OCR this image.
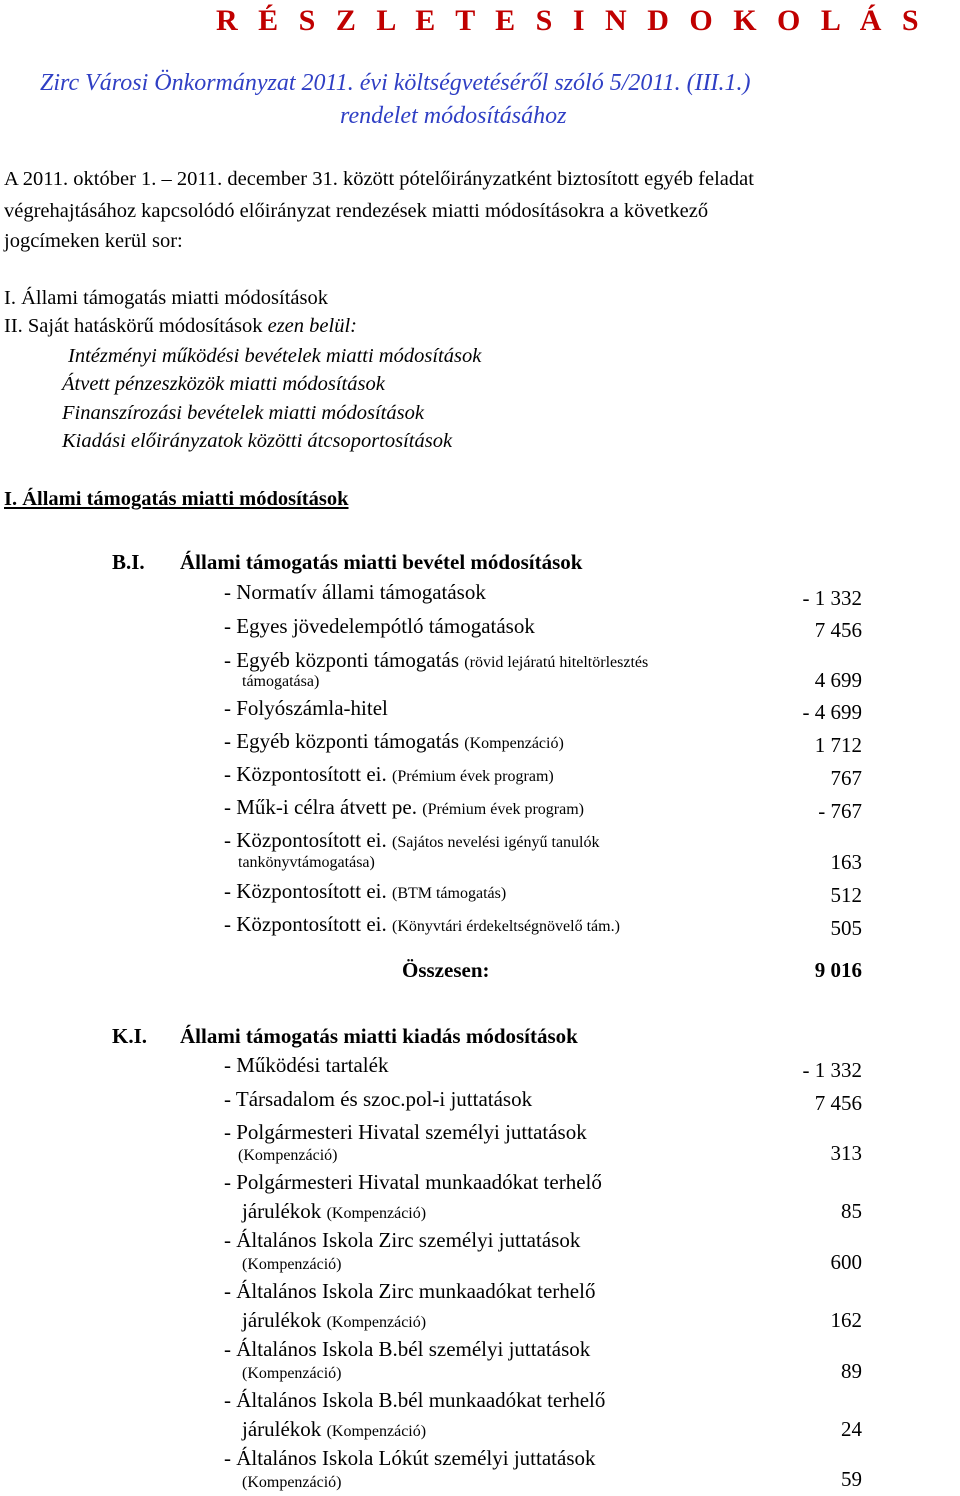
R É S Z L E T E S I N D O K O L Á S
Zirc Városi Önkormányzat 2011. évi költségvetéséről szóló 5/2011. (III.1.)
rendelet módosításához
A 2011. október 1. – 2011. december 31. között pótelőirányzatként biztosított egyéb feladat
végrehajtásához kapcsolódó előirányzat rendezések miatti módosításokra a következő
jogcímeken kerül sor:
I. Állami támogatás miatti módosítások
II. Saját hatáskörű módosítások ezen belül:
Intézményi működési bevételek miatti módosítások
Átvett pénzeszközök miatti módosítások
Finanszírozási bevételek miatti módosítások
Kiadási előirányzatok közötti átcsoportosítások
I. Állami támogatás miatti módosítások
B.I. Állami támogatás miatti bevétel módosítások
- Normatív állami támogatások	- 1 332
- Egyes jövedelempótló támogatások	7 456
- Egyéb központi támogatás (rövid lejáratú hiteltörlesztés
támogatása)	4 699
- Folyószámla-hitel	- 4 699
- Egyéb központi támogatás (Kompenzáció)	1 712
- Központosított ei. (Prémium évek program)	767
- Műk-i célra átvett pe. (Prémium évek program)	- 767
- Központosított ei. (Sajátos nevelési igényű tanulók
tankönyvtámogatása)	163
- Központosított ei. (BTM támogatás)	512
- Központosított ei. (Könyvtári érdekeltségnövelő tám.)	505
Összesen:	9 016
K.I. Állami támogatás miatti kiadás módosítások
- Működési tartalék	- 1 332
- Társadalom és szoc.pol-i juttatások	7 456
- Polgármesteri Hivatal személyi juttatások
(Kompenzáció)	313
- Polgármesteri Hivatal munkaadókat terhelő
járulékok (Kompenzáció)	85
- Általános Iskola Zirc személyi juttatások
(Kompenzáció)	600
- Általános Iskola Zirc munkaadókat terhelő
járulékok (Kompenzáció)	162
- Általános Iskola B.bél személyi juttatások
(Kompenzáció)	89
- Általános Iskola B.bél munkaadókat terhelő
járulékok (Kompenzáció)	24
- Általános Iskola Lókút személyi juttatások
(Kompenzáció)	59
